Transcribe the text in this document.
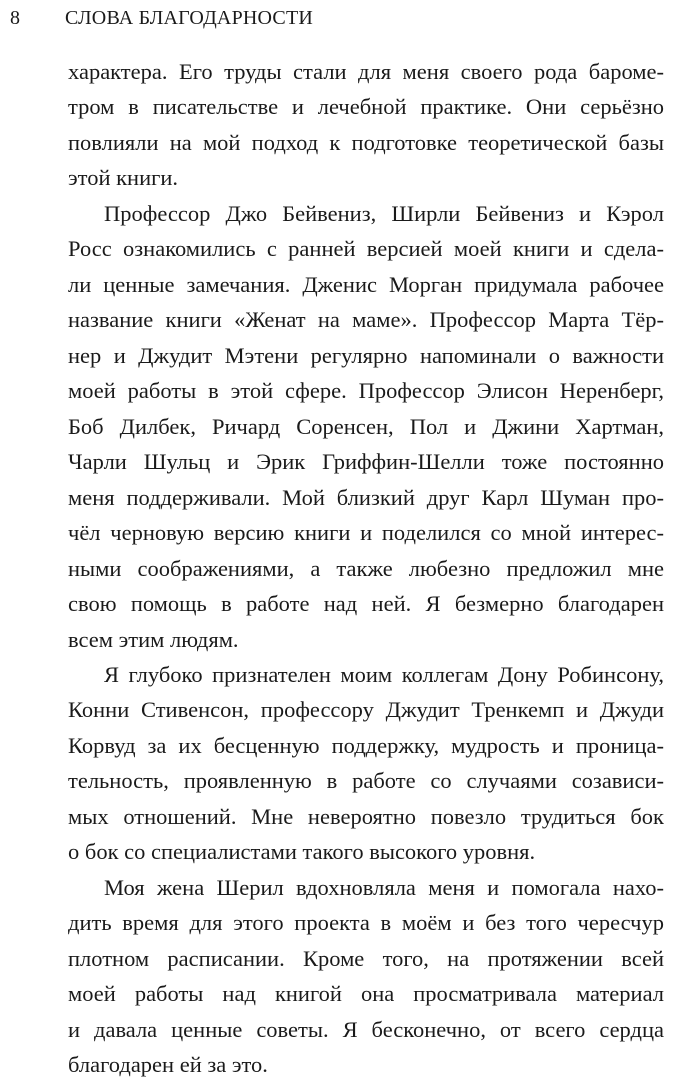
8 СЛОВА БЛАГОДАРНОСТИ
характера. Его труды стали для меня своего рода бароме-
тром в писательстве и лечебной практике. Они серьёзно
повлияли на мой подход к подготовке теоретической базы
этой книги.
Профессор Джо Бейвениз, Ширли Бейвениз и Кэрол
Росс ознакомились с ранней версией моей книги и сдела-
ли ценные замечания. Дженис Морган придумала рабочее
название книги «Женат на маме». Профессор Марта Тёр-
нер и Джудит Мэтени регулярно напоминали о важности
моей работы в этой сфере. Профессор Элисон Неренберг,
Боб Дилбек, Ричард Соренсен, Пол и Джини Хартман,
Чарли Шульц и Эрик Гриффин-Шелли тоже постоянно
меня поддерживали. Мой близкий друг Карл Шуман про-
чёл черновую версию книги и поделился со мной интерес-
ными соображениями, а также любезно предложил мне
свою помощь в работе над ней. Я безмерно благодарен
всем этим людям.
Я глубоко признателен моим коллегам Дону Робинсону,
Конни Стивенсон, профессору Джудит Тренкемп и Джуди
Корвуд за их бесценную поддержку, мудрость и проница-
тельность, проявленную в работе со случаями созависи-
мых отношений. Мне невероятно повезло трудиться бок
о бок со специалистами такого высокого уровня.
Моя жена Шерил вдохновляла меня и помогала нахо-
дить время для этого проекта в моём и без того чересчур
плотном расписании. Кроме того, на протяжении всей
моей работы над книгой она просматривала материал
и давала ценные советы. Я бесконечно, от всего сердца
благодарен ей за это.
